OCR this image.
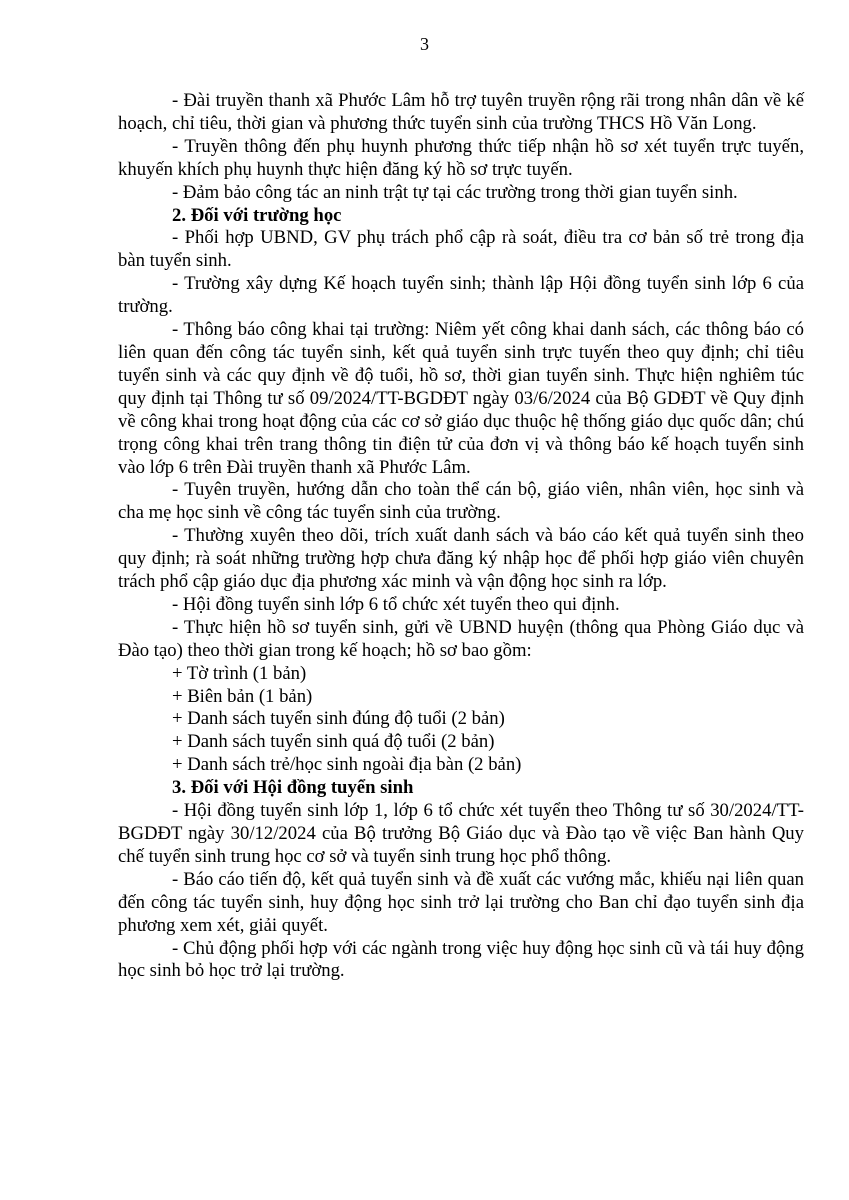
3

- Đài truyền thanh xã Phước Lâm hỗ trợ tuyên truyền rộng rãi trong nhân dân về kế hoạch, chỉ tiêu, thời gian và phương thức tuyển sinh của trường THCS Hồ Văn Long.

- Truyền thông đến phụ huynh phương thức tiếp nhận hồ sơ xét tuyển trực tuyến, khuyến khích phụ huynh thực hiện đăng ký hồ sơ trực tuyến.

- Đảm bảo công tác an ninh trật tự tại các trường trong thời gian tuyển sinh.

2. Đối với trường học

- Phối hợp UBND, GV phụ trách phổ cập rà soát, điều tra cơ bản số trẻ trong địa bàn tuyển sinh.

- Trường xây dựng Kế hoạch tuyển sinh; thành lập Hội đồng tuyển sinh lớp 6 của trường.

- Thông báo công khai tại trường: Niêm yết công khai danh sách, các thông báo có liên quan đến công tác tuyển sinh, kết quả tuyển sinh trực tuyến theo quy định; chỉ tiêu tuyển sinh và các quy định về độ tuổi, hồ sơ, thời gian tuyển sinh. Thực hiện nghiêm túc quy định tại Thông tư số 09/2024/TT-BGDĐT ngày 03/6/2024 của Bộ GDĐT về Quy định về công khai trong hoạt động của các cơ sở giáo dục thuộc hệ thống giáo dục quốc dân; chú trọng công khai trên trang thông tin điện tử của đơn vị và thông báo kế hoạch tuyển sinh vào lớp 6 trên Đài truyền thanh xã Phước Lâm.

- Tuyên truyền, hướng dẫn cho toàn thể cán bộ, giáo viên, nhân viên, học sinh và cha mẹ học sinh về công tác tuyển sinh của trường.

- Thường xuyên theo dõi, trích xuất danh sách và báo cáo kết quả tuyển sinh theo quy định; rà soát những trường hợp chưa đăng ký nhập học để phối hợp giáo viên chuyên trách phổ cập giáo dục địa phương xác minh và vận động học sinh ra lớp.

- Hội đồng tuyển sinh lớp 6 tổ chức xét tuyển theo qui định.

- Thực hiện hồ sơ tuyển sinh, gửi về UBND huyện (thông qua Phòng Giáo dục và Đào tạo) theo thời gian trong kế hoạch; hồ sơ bao gồm:

+ Tờ trình (1 bản)

+ Biên bản (1 bản)

+ Danh sách tuyển sinh đúng độ tuổi (2 bản)

+ Danh sách tuyển sinh quá độ tuổi (2 bản)

+ Danh sách trẻ/học sinh ngoài địa bàn (2 bản)

3. Đối với Hội đồng tuyển sinh

- Hội đồng tuyển sinh lớp 1, lớp 6 tổ chức xét tuyển theo Thông tư số 30/2024/TT-BGDĐT ngày 30/12/2024 của Bộ trưởng Bộ Giáo dục và Đào tạo về việc Ban hành Quy chế tuyển sinh trung học cơ sở và tuyển sinh trung học phổ thông.

- Báo cáo tiến độ, kết quả tuyển sinh và đề xuất các vướng mắc, khiếu nại liên quan đến công tác tuyển sinh, huy động học sinh trở lại trường cho Ban chỉ đạo tuyển sinh địa phương xem xét, giải quyết.

- Chủ động phối hợp với các ngành trong việc huy động học sinh cũ và tái huy động học sinh bỏ học trở lại trường.
